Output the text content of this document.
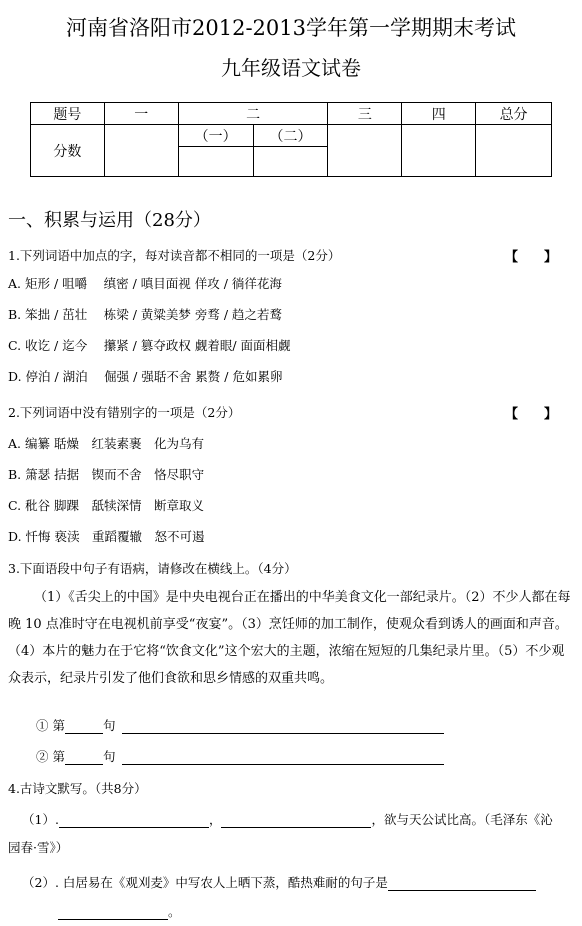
河南省洛阳市2012-2013学年第一学期期末考试
九年级语文试卷
题号	一	二		三	四	总分
分数		（一）	（二）			

一、积累与运用（28分）
1.下列词语中加点的字，每对读音都不相同的一项是（2分）	【　　】
A. 矩形 / 咀嚼　 缜密 / 嗔目面视 佯攻 / 徜徉花海
B. 笨拙 / 茁壮　 栋梁 / 黄粱美梦 旁骛 / 趋之若鹜
C. 收讫 / 迄今　 攥紧 / 篡夺政权 觑着眼/ 面面相觑
D. 停泊 / 湖泊　 倔强 / 强聒不舍 累赘 / 危如累卵
2.下列词语中没有错别字的一项是（2分）	【　　】
A. 编纂 聒燥　红装素裹　化为乌有
B. 箫瑟 拮据　锲而不舍　恪尽职守
C. 秕谷 脚踝　舐犊深情　断章取义
D. 忏悔 亵渎　重蹈覆辙　怒不可遏
3.下面语段中句子有语病，请修改在横线上。（4分）
（1）《舌尖上的中国》是中央电视台正在播出的中华美食文化一部纪录片。（2）不少人都在每晚 10 点准时守在电视机前享受“夜宴”。（3）烹饪师的加工制作，使观众看到诱人的画面和声音。（4）本片的魅力在于它将“饮食文化”这个宏大的主题，浓缩在短短的几集纪录片里。（5）不少观众表示，纪录片引发了他们食欲和思乡情感的双重共鸣。
① 第	句
② 第	句
4.古诗文默写。（共8分）
（1）.	，	，欲与天公试比高。（毛泽东《沁
园春·雪》）
（2）. 白居易在《观刈麦》中写农人上晒下蒸，酷热难耐的句子是
。
